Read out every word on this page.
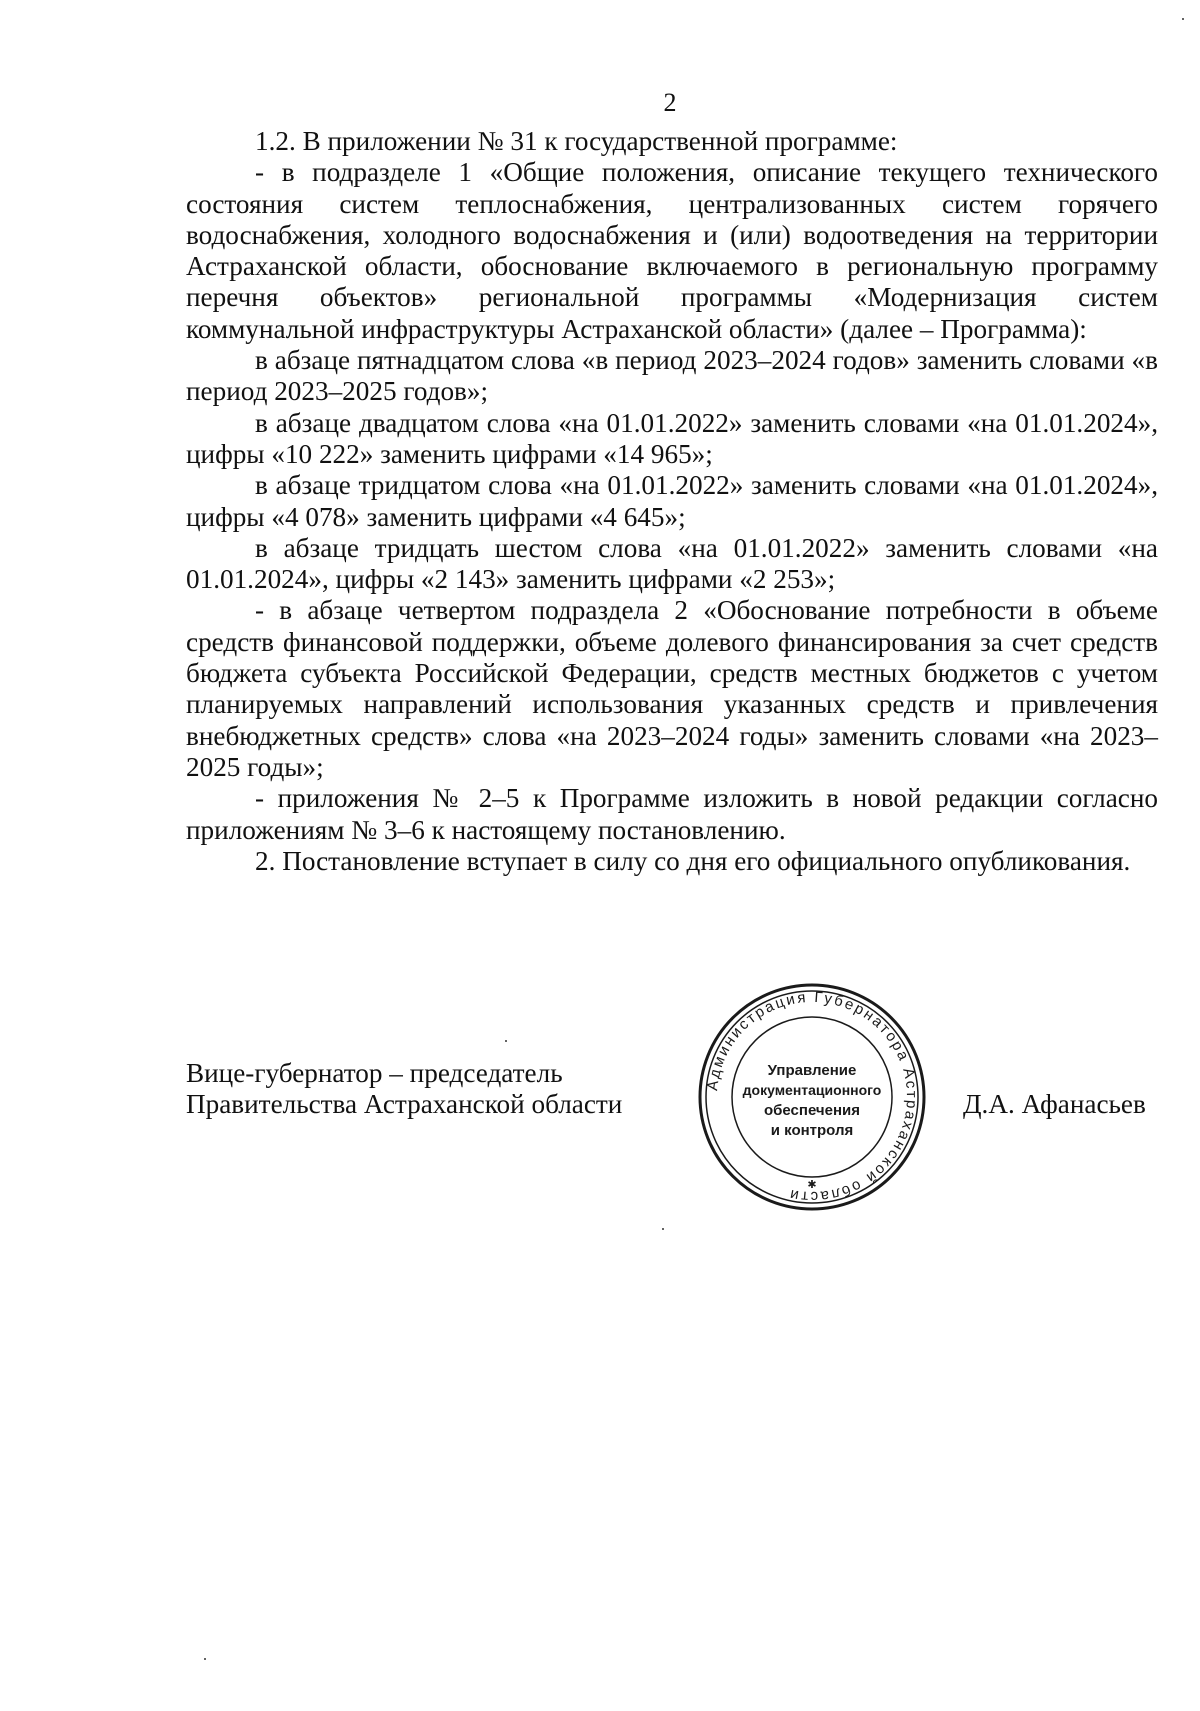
2

1.2. В приложении № 31 к государственной программе:

- в подразделе 1 «Общие положения, описание текущего технического состояния систем теплоснабжения, централизованных систем горячего водоснабжения, холодного водоснабжения и (или) водоотведения на территории Астраханской области, обоснование включаемого в региональную программу перечня объектов» региональной программы «Модернизация систем коммунальной инфраструктуры Астраханской области» (далее – Программа):

в абзаце пятнадцатом слова «в период 2023–2024 годов» заменить словами «в период 2023–2025 годов»;

в абзаце двадцатом слова «на 01.01.2022» заменить словами «на 01.01.2024», цифры «10 222» заменить цифрами «14 965»;

в абзаце тридцатом слова «на 01.01.2022» заменить словами «на 01.01.2024», цифры «4 078» заменить цифрами «4 645»;

в абзаце тридцать шестом слова «на 01.01.2022» заменить словами «на 01.01.2024», цифры «2 143» заменить цифрами «2 253»;

- в абзаце четвертом подраздела 2 «Обоснование потребности в объеме средств финансовой поддержки, объеме долевого финансирования за счет средств бюджета субъекта Российской Федерации, средств местных бюджетов с учетом планируемых направлений использования указанных средств и привлечения внебюджетных средств» слова «на 2023–2024 годы» заменить словами «на 2023–2025 годы»;

- приложения № 2–5 к Программе изложить в новой редакции согласно приложениям № 3–6 к настоящему постановлению.

2. Постановление вступает в силу со дня его официального опубликования.

Вице-губернатор – председатель
Правительства Астраханской области
Администрация Губернатора Астраханской области
✱
Управление
документационного
обеспечения
и контроля
Д.А. Афанасьев
